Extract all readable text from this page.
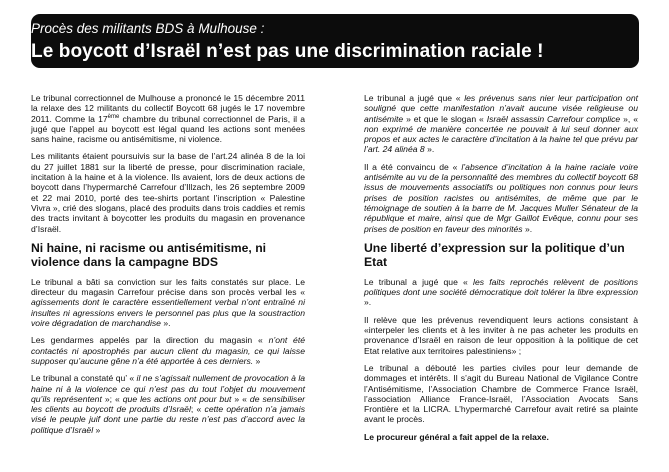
Procès des militants BDS à Mulhouse :

Le boycott d’Israël n’est pas une discrimination raciale !

Le tribunal correctionnel de Mulhouse a prononcé le 15 décembre 2011 la relaxe des 12 militants du collectif Boycott 68 jugés le 17 novembre 2011. Comme la 17ème chambre du tribunal correctionnel de Paris, il a jugé que l’appel au boycott est légal quand les actions sont menées sans haine, racisme ou antisémitisme, ni violence.

Les militants étaient poursuivis sur la base de l’art.24 alinéa 8 de la loi du 27 juillet 1881 sur la liberté de presse, pour discrimination raciale, incitation à la haine et à la violence. Ils avaient, lors de deux actions de boycott dans l’hypermarché Carrefour d’Illzach, les 26 septembre 2009 et 22 mai 2010, porté des tee-shirts portant l’inscription « Palestine Vivra », crié des slogans, placé des produits dans trois caddies et remis des tracts invitant à boycotter les produits du magasin en provenance d’Israël.

Ni haine, ni racisme ou antisémitisme, ni violence dans la campagne BDS

Le tribunal a bâti sa conviction sur les faits constatés sur place. Le directeur du magasin Carrefour précise dans son procès verbal les « agissements dont le caractère essentiellement verbal n’ont entraîné ni insultes ni agressions envers le personnel pas plus que la soustraction voire dégradation de marchandise ».

Les gendarmes appelés par la direction du magasin « n’ont été contactés ni apostrophés par aucun client du magasin, ce qui laisse supposer qu’aucune gêne n’a été apportée à ces derniers. »

Le tribunal a constaté qu’ « il ne s’agissait nullement de provocation à la haine ni à la violence ce qui n’est pas du tout l’objet du mouvement qu’ils représentent »; « que les actions ont pour but » « de sensibiliser les clients au boycott de produits d’Israël; « cette opération n’a jamais visé le peuple juif dont une partie du reste n’est pas d’accord avec la politique d’Israël »

Le tribunal a jugé que « les prévenus sans nier leur participation ont souligné que cette manifestation n’avait aucune visée religieuse ou antisémite » et que le slogan « Israël assassin Carrefour complice », « non exprimé de manière concertée ne pouvait à lui seul donner aux propos et aux actes le caractère d’incitation à la haine tel que prévu par l’art. 24 alinéa 8 ».

Il a été convaincu de « l’absence d’incitation à la haine raciale voire antisémite au vu de la personnalité des membres du collectif boycott 68 issus de mouvements associatifs ou politiques non connus pour leurs prises de position racistes ou antisémites, de même que par le témoignage de soutien à la barre de M. Jacques Muller Sénateur de la république et maire, ainsi que de Mgr Gaillot Evêque, connu pour ses prises de position en faveur des minorités ».

Une liberté d’expression sur la politique d’un Etat

Le tribunal a jugé que « les faits reprochés relèvent de positions politiques dont une société démocratique doit tolérer la libre expression ».

Il relève que les prévenus revendiquent leurs actions consistant à «interpeler les clients et à les inviter à ne pas acheter les produits en provenance d’Israël en raison de leur opposition à la politique de cet Etat relative aux territoires palestiniens» ;

Le tribunal a débouté les parties civiles pour leur demande de dommages et intérêts. Il s’agit du Bureau National de Vigilance Contre l’Antisémitisme, l’Association Chambre de Commerce France Israël, l’association Alliance France-Israël, l’Association Avocats Sans Frontière et la LICRA. L’hypermarché Carrefour avait retiré sa plainte avant le procès.

Le procureur général a fait appel de la relaxe.
